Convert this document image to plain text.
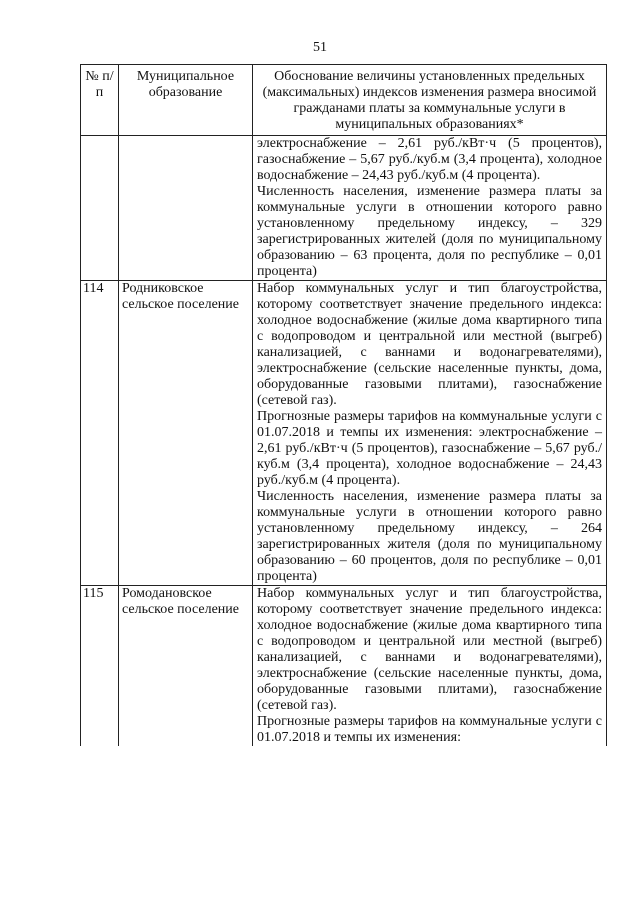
51
№ п/п	Муниципальное образование	Обоснование величины установленных предельных (максимальных) индексов изменения размера вносимой гражданами платы за коммунальные услуги в муниципальных образованиях*

		электроснабжение – 2,61 руб./кВт·ч (5 процентов), газоснабжение – 5,67 руб./куб.м (3,4 процента), холодное водоснабжение – 24,43 руб./куб.м (4 процента).

Численность населения, изменение размера платы за коммунальные услуги в отношении которого равно установленному предельному индексу, – 329 зарегистрированных жителей (доля по муниципальному образованию – 63 процента, доля по республике – 0,01 процента)

114	Родниковское сельское поселение	Набор коммунальных услуг и тип благоустройства, которому соответствует значение предельного индекса: холодное водоснабжение (жилые дома квартирного типа с водопроводом и центральной или местной (выгреб) канализацией, с ваннами и водонагревателями), электроснабжение (сельские населенные пункты, дома, оборудованные газовыми плитами), газоснабжение (сетевой газ).

Прогнозные размеры тарифов на коммунальные услуги с 01.07.2018 и темпы их изменения: электроснабжение – 2,61 руб./кВт·ч (5 процентов), газоснабжение – 5,67 руб./куб.м (3,4 процента), холодное водоснабжение – 24,43 руб./куб.м (4 процента).

Численность населения, изменение размера платы за коммунальные услуги в отношении которого равно установленному предельному индексу, – 264 зарегистрированных жителя (доля по муниципальному образованию – 60 процентов, доля по республике – 0,01 процента)

115	Ромодановское сельское поселение	Набор коммунальных услуг и тип благоустройства, которому соответствует значение предельного индекса: холодное водоснабжение (жилые дома квартирного типа с водопроводом и центральной или местной (выгреб) канализацией, с ваннами и водонагревателями), электроснабжение (сельские населенные пункты, дома, оборудованные газовыми плитами), газоснабжение (сетевой газ).

Прогнозные размеры тарифов на коммунальные услуги с 01.07.2018 и темпы их изменения:
